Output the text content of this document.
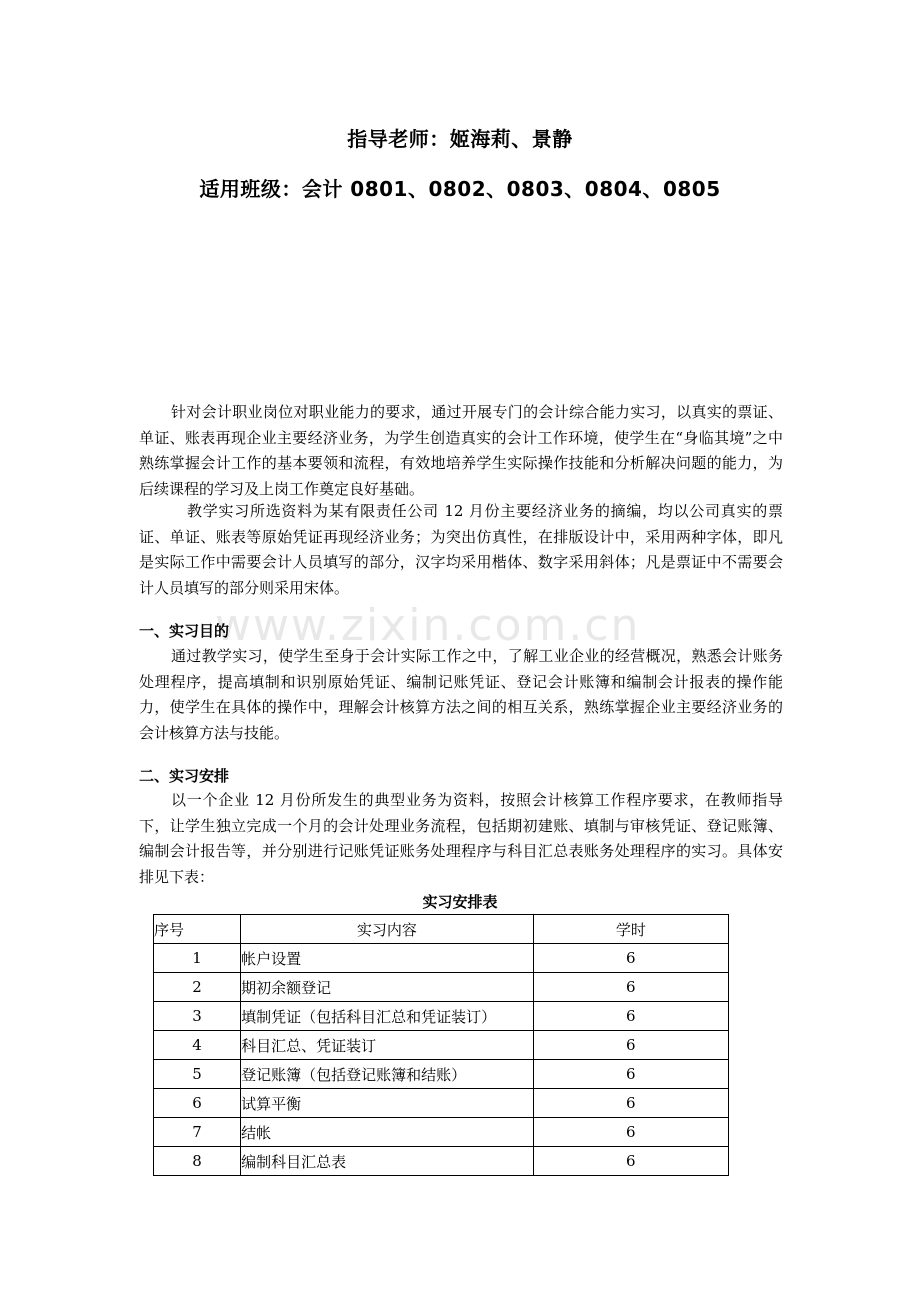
指导老师：姬海莉、景静
适用班级：会计 0801、0802、0803、0804、0805

针对会计职业岗位对职业能力的要求，通过开展专门的会计综合能力实习，以真实的票证、单证、账表再现企业主要经济业务，为学生创造真实的会计工作环境，使学生在“身临其境”之中熟练掌握会计工作的基本要领和流程，有效地培养学生实际操作技能和分析解决问题的能力，为后续课程的学习及上岗工作奠定良好基础。

教学实习所选资料为某有限责任公司 12 月份主要经济业务的摘编，均以公司真实的票证、单证、账表等原始凭证再现经济业务；为突出仿真性，在排版设计中，采用两种字体，即凡是实际工作中需要会计人员填写的部分，汉字均采用楷体、数字采用斜体；凡是票证中不需要会计人员填写的部分则采用宋体。

www.zixin.com.cn
一、实习目的

通过教学实习，使学生至身于会计实际工作之中，了解工业企业的经营概况，熟悉会计账务处理程序，提高填制和识别原始凭证、编制记账凭证、登记会计账簿和编制会计报表的操作能力，使学生在具体的操作中，理解会计核算方法之间的相互关系，熟练掌握企业主要经济业务的会计核算方法与技能。

二、实习安排

以一个企业 12 月份所发生的典型业务为资料，按照会计核算工作程序要求，在教师指导下，让学生独立完成一个月的会计处理业务流程，包括期初建账、填制与审核凭证、登记账簿、编制会计报告等，并分别进行记账凭证账务处理程序与科目汇总表账务处理程序的实习。具体安排见下表：

实习安排表
序号	实习内容	学时
1	帐户设置	6
2	期初余额登记	6
3	填制凭证（包括科目汇总和凭证装订）	6
4	科目汇总、凭证装订	6
5	登记账簿（包括登记账簿和结账）	6
6	试算平衡	6
7	结帐	6
8	编制科目汇总表	6
